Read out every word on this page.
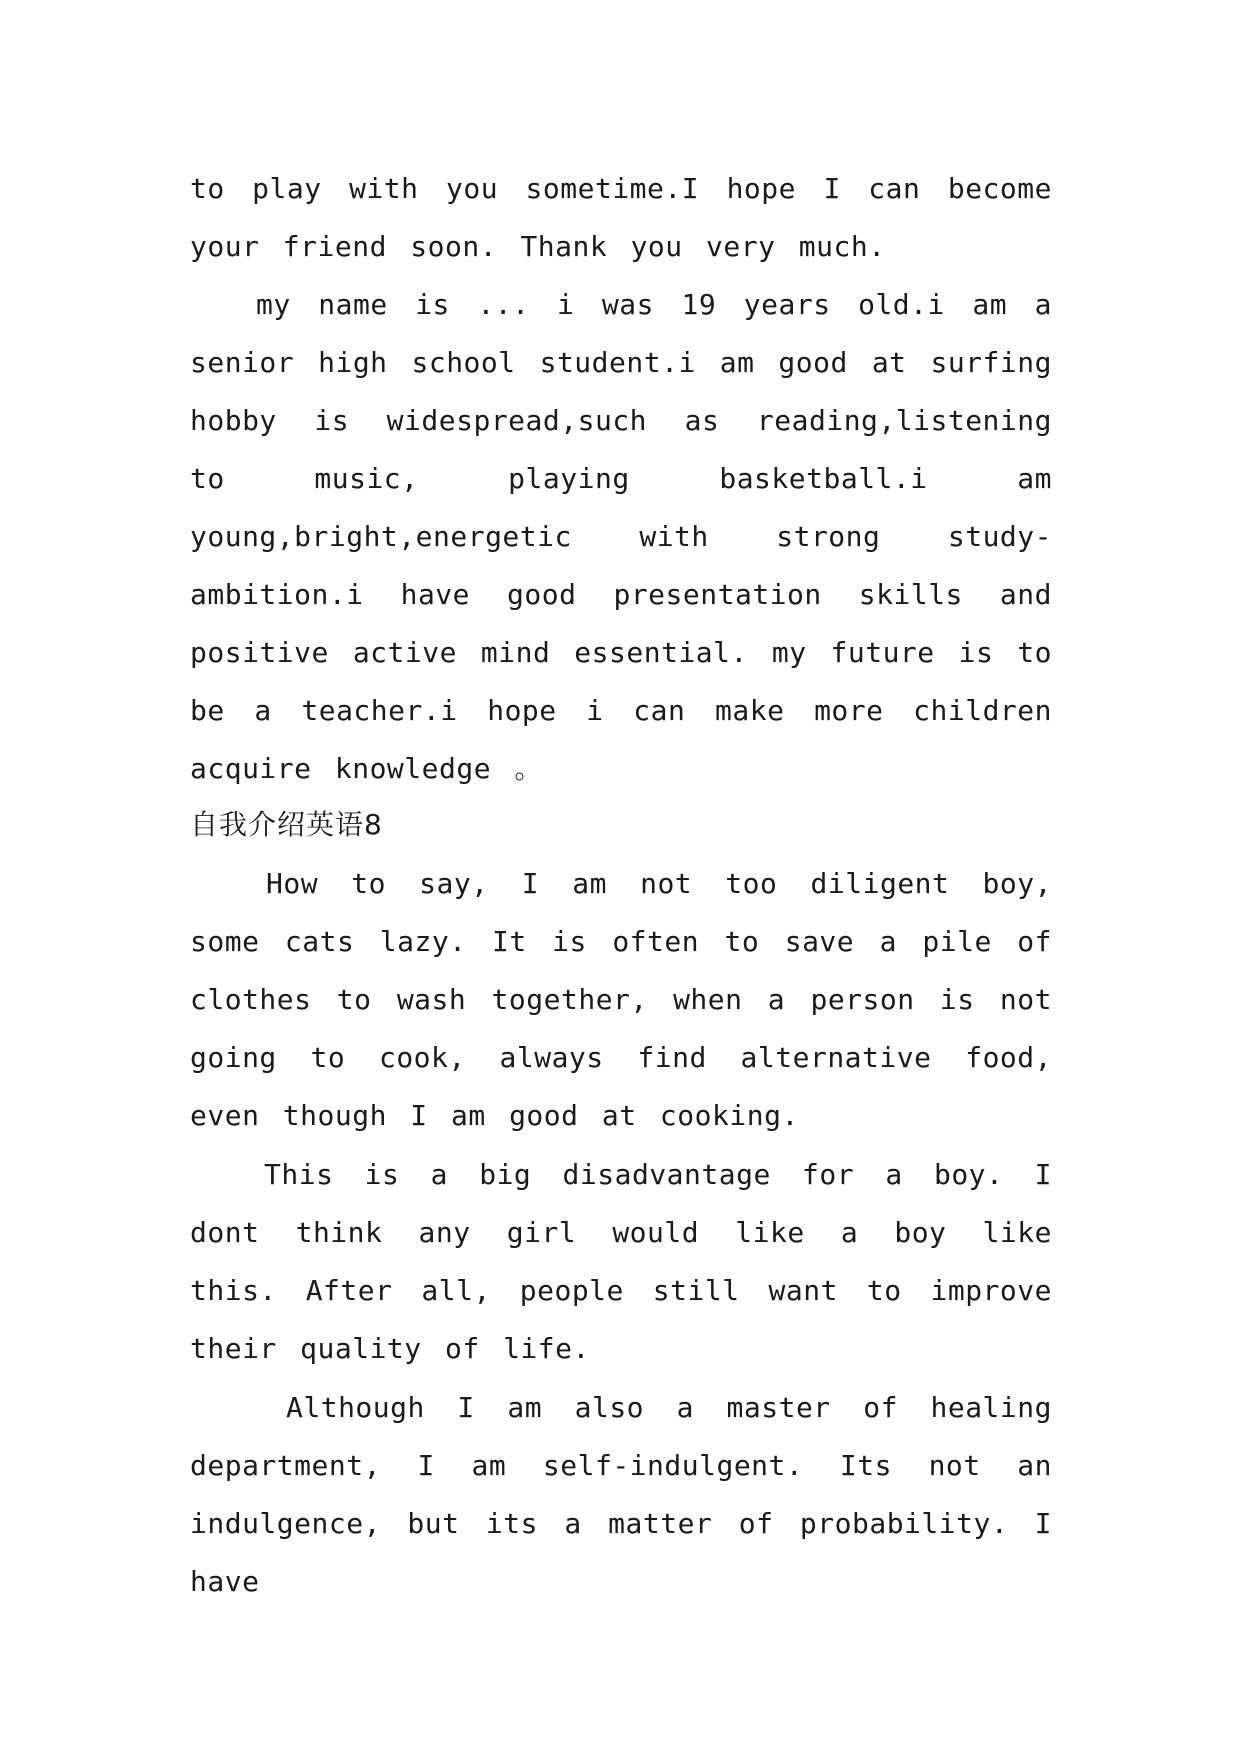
to play with you sometime.I hope I can become your friend soon. Thank you very much.

my name is ... i was 19 years old.i am a senior high school student.i am good at surfing hobby is widespread,such as reading,listening to music, playing basketball.i am young,bright,energetic with strong study-ambition.i have good presentation skills and positive active mind essential. my future is to be a teacher.i hope i can make more children acquire knowledge 。

自我介绍英语8

How to say, I am not too diligent boy, some cats lazy. It is often to save a pile of clothes to wash together, when a person is not going to cook, always find alternative food, even though I am good at cooking.

This is a big disadvantage for a boy. I dont think any girl would like a boy like this. After all, people still want to improve their quality of life.

Although I am also a master of healing department, I am self-indulgent. Its not an indulgence, but its a matter of probability. I have
